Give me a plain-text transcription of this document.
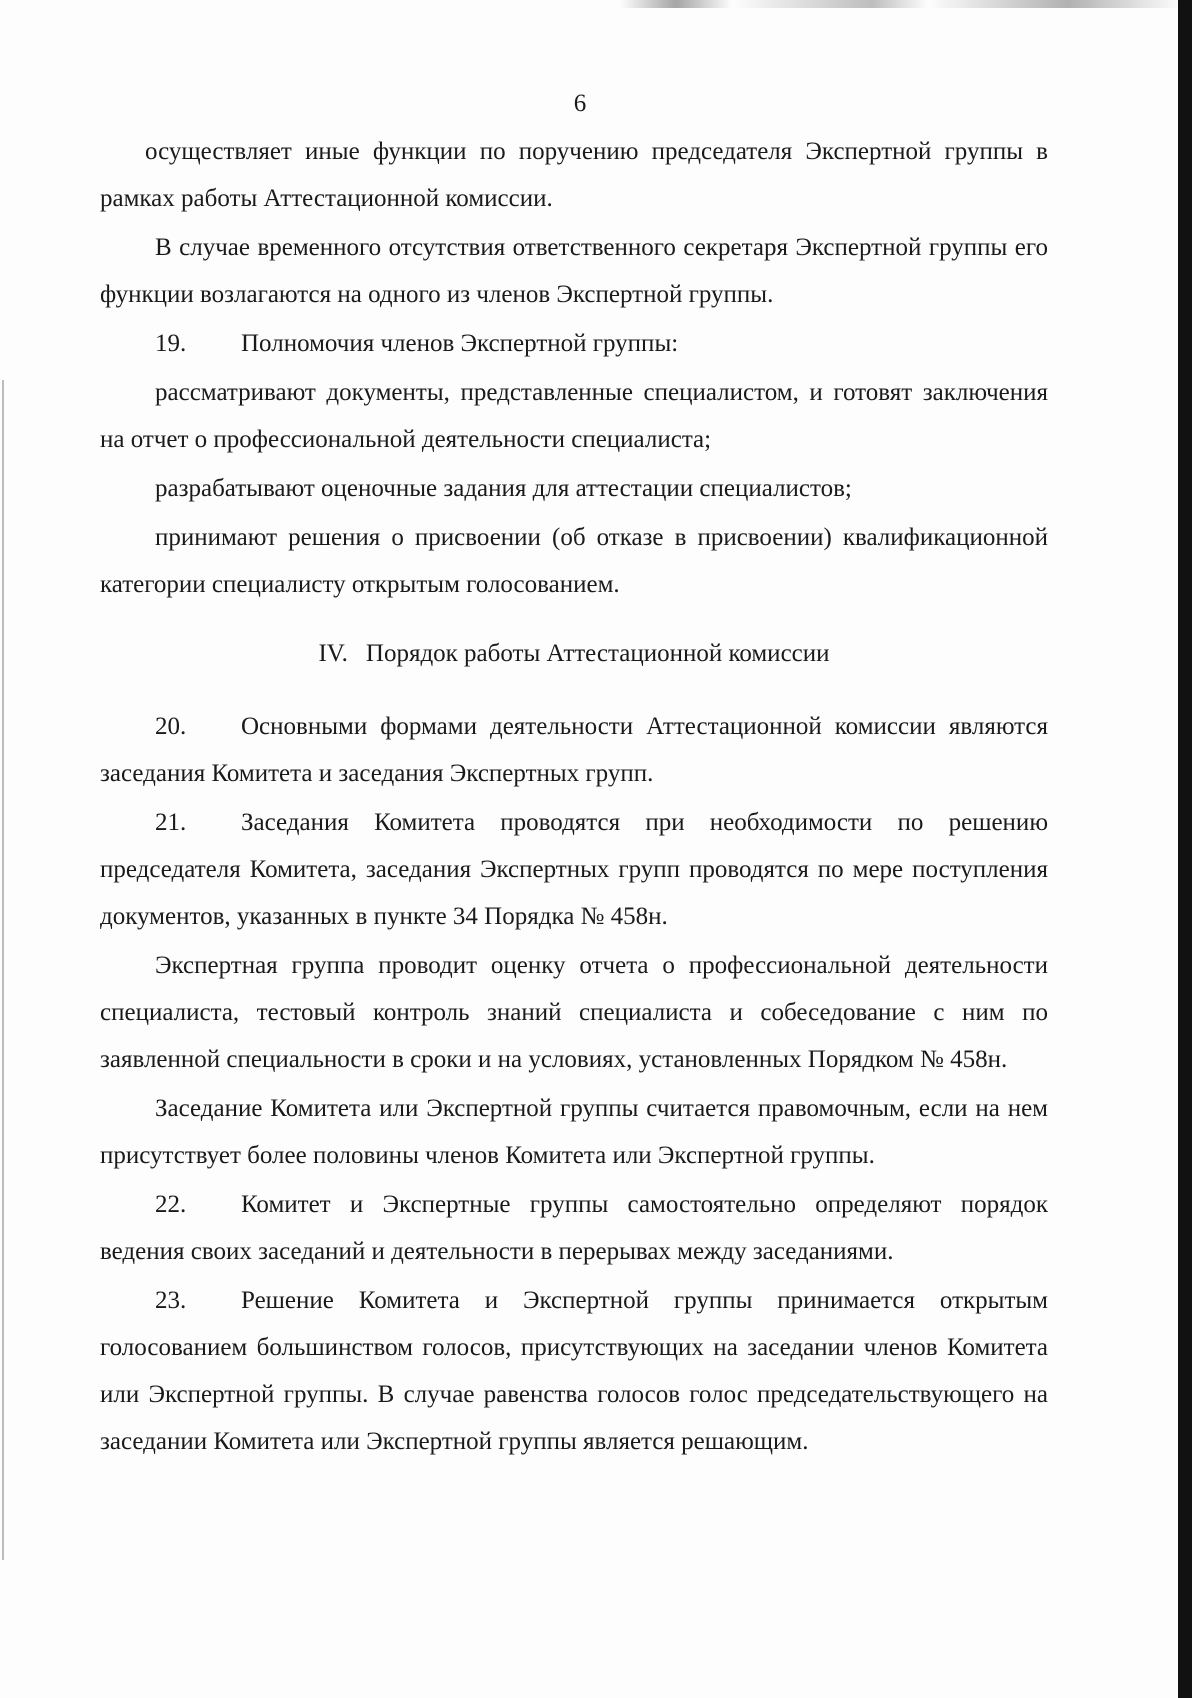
6

осуществляет иные функции по поручению председателя Экспертной группы в рамках работы Аттестационной комиссии.

В случае временного отсутствия ответственного секретаря Экспертной группы его функции возлагаются на одного из членов Экспертной группы.

19. Полномочия членов Экспертной группы:

рассматривают документы, представленные специалистом, и готовят заключения на отчет о профессиональной деятельности специалиста;

разрабатывают оценочные задания для аттестации специалистов;

принимают решения о присвоении (об отказе в присвоении) квалификационной категории специалисту открытым голосованием.

IV. Порядок работы Аттестационной комиссии

20. Основными формами деятельности Аттестационной комиссии являются заседания Комитета и заседания Экспертных групп.

21. Заседания Комитета проводятся при необходимости по решению председателя Комитета, заседания Экспертных групп проводятся по мере поступления документов, указанных в пункте 34 Порядка № 458н.

Экспертная группа проводит оценку отчета о профессиональной деятельности специалиста, тестовый контроль знаний специалиста и собеседование с ним по заявленной специальности в сроки и на условиях, установленных Порядком № 458н.

Заседание Комитета или Экспертной группы считается правомочным, если на нем присутствует более половины членов Комитета или Экспертной группы.

22. Комитет и Экспертные группы самостоятельно определяют порядок ведения своих заседаний и деятельности в перерывах между заседаниями.

23. Решение Комитета и Экспертной группы принимается открытым голосованием большинством голосов, присутствующих на заседании членов Комитета или Экспертной группы. В случае равенства голосов голос председательствующего на заседании Комитета или Экспертной группы является решающим.
